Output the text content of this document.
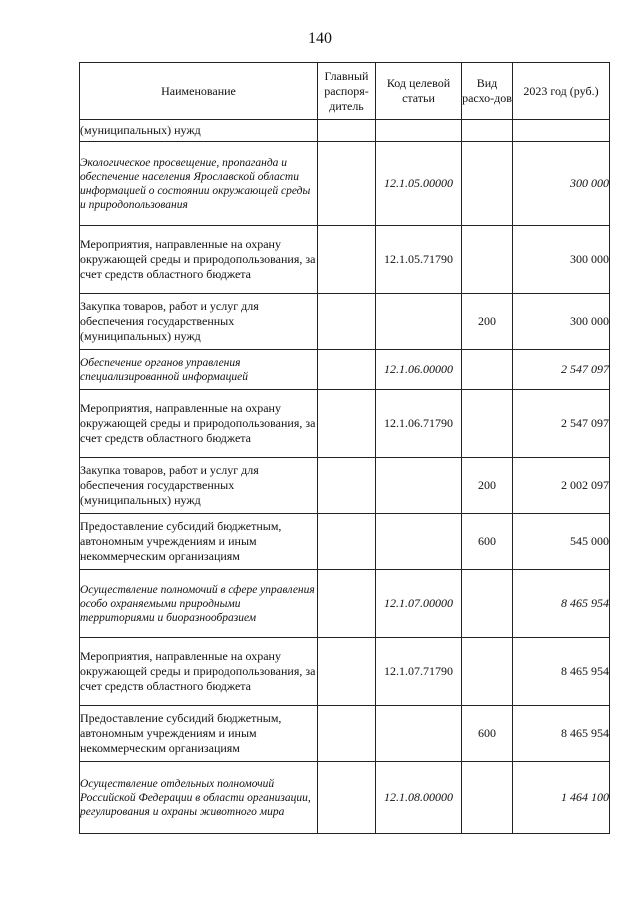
140
Наименование	Главный распоря-дитель	Код целевой статьи	Вид расхо-дов	2023 год (руб.)
(муниципальных) нужд				
Экологическое просвещение, пропаганда и обеспечение населения Ярославской области информацией о состоянии окружающей среды и природопользования		12.1.05.00000		300 000
Мероприятия, направленные на охрану окружающей среды и природопользования, за счет средств областного бюджета		12.1.05.71790		300 000
Закупка товаров, работ и услуг для обеспечения государственных (муниципальных) нужд			200	300 000
Обеспечение органов управления специализированной информацией		12.1.06.00000		2 547 097
Мероприятия, направленные на охрану окружающей среды и природопользования, за счет средств областного бюджета		12.1.06.71790		2 547 097
Закупка товаров, работ и услуг для обеспечения государственных (муниципальных) нужд			200	2 002 097
Предоставление субсидий бюджетным, автономным учреждениям и иным некоммерческим организациям			600	545 000
Осуществление полномочий в сфере управления особо охраняемыми природными территориями и биоразнообразием		12.1.07.00000		8 465 954
Мероприятия, направленные на охрану окружающей среды и природопользования, за счет средств областного бюджета		12.1.07.71790		8 465 954
Предоставление субсидий бюджетным, автономным учреждениям и иным некоммерческим организациям			600	8 465 954
Осуществление отдельных полномочий Российской Федерации в области организации, регулирования и охраны животного мира		12.1.08.00000		1 464 100
